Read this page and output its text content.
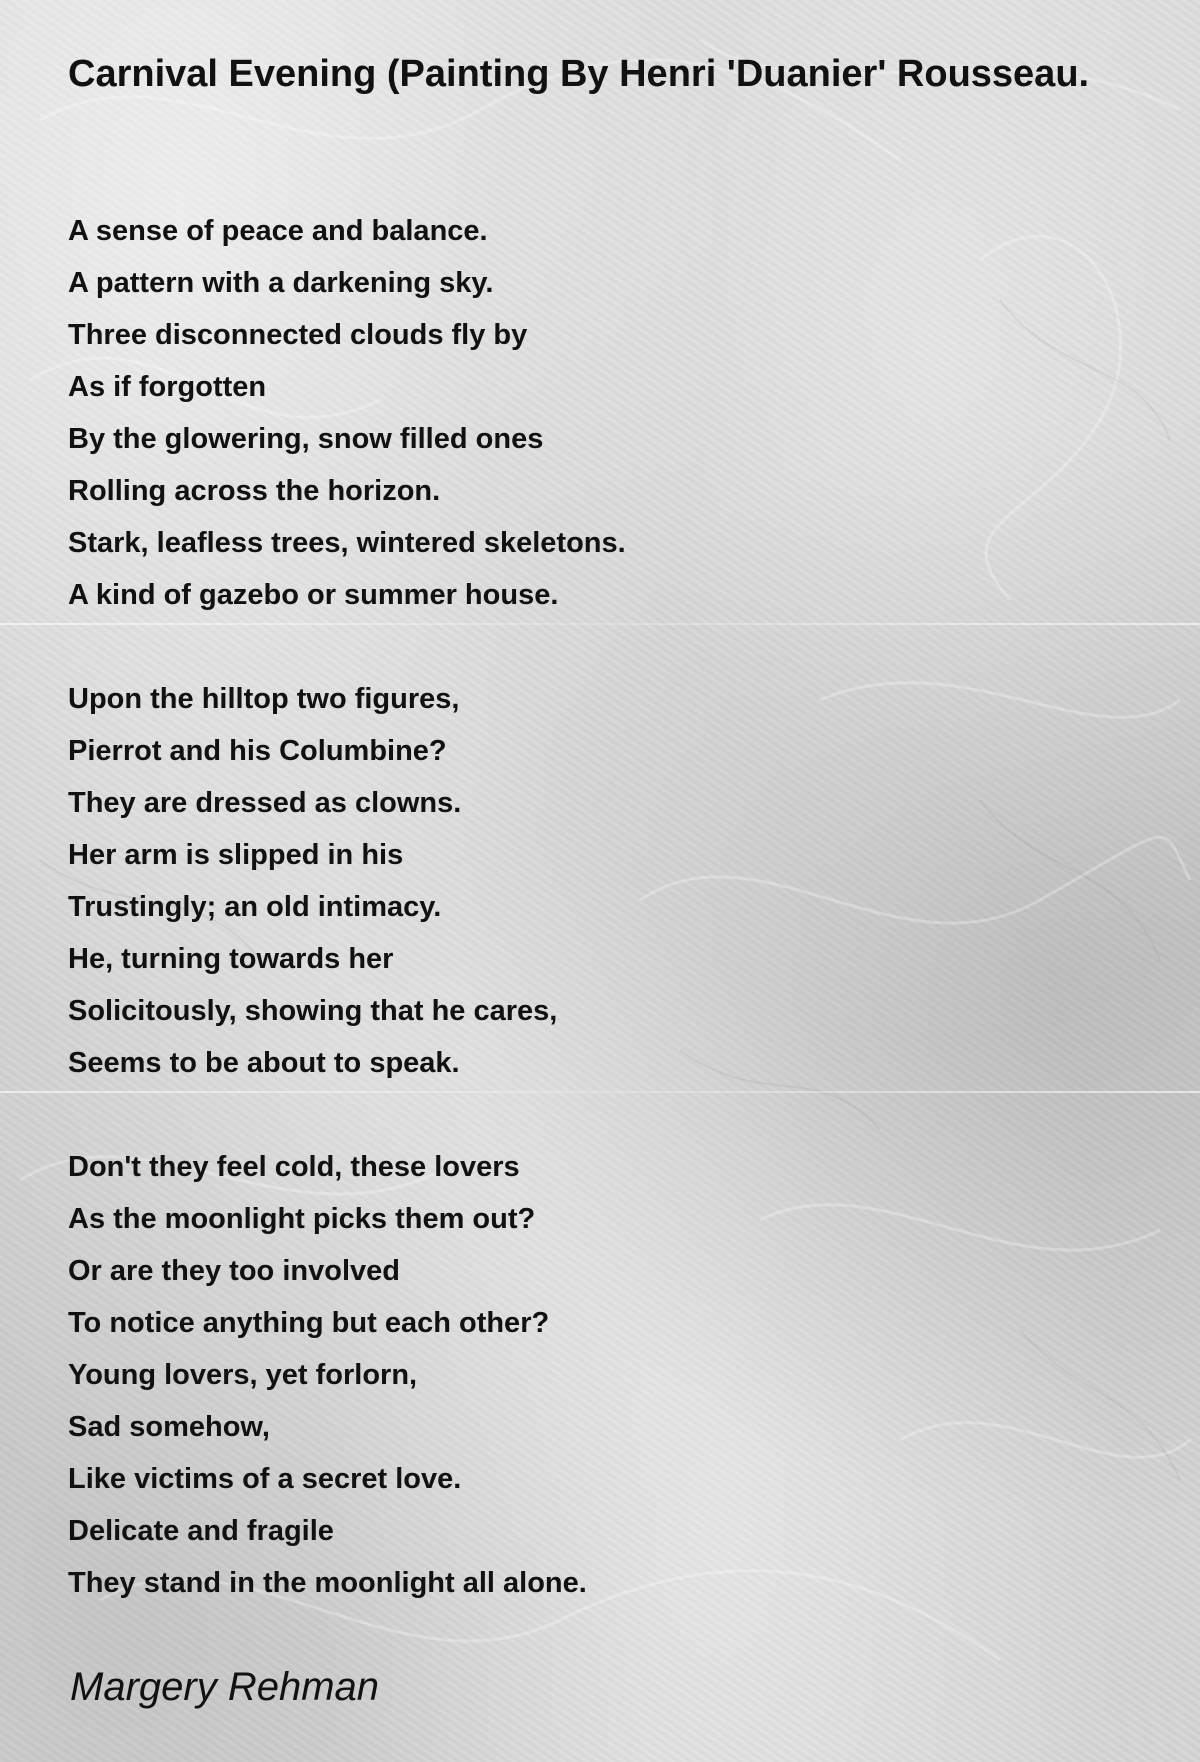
Carnival Evening (Painting By Henri 'Duanier' Rousseau.
A sense of peace and balance.
A pattern with a darkening sky.
Three disconnected clouds fly by
As if forgotten
By the glowering, snow filled ones
Rolling across the horizon.
Stark, leafless trees, wintered skeletons.
A kind of gazebo or summer house.
Upon the hilltop two figures,
Pierrot and his Columbine?
They are dressed as clowns.
Her arm is slipped in his
Trustingly; an old intimacy.
He, turning towards her
Solicitously, showing that he cares,
Seems to be about to speak.
Don't they feel cold, these lovers
As the moonlight picks them out?
Or are they too involved
To notice anything but each other?
Young lovers, yet forlorn,
Sad somehow,
Like victims of a secret love.
Delicate and fragile
They stand in the moonlight all alone.

Margery Rehman
